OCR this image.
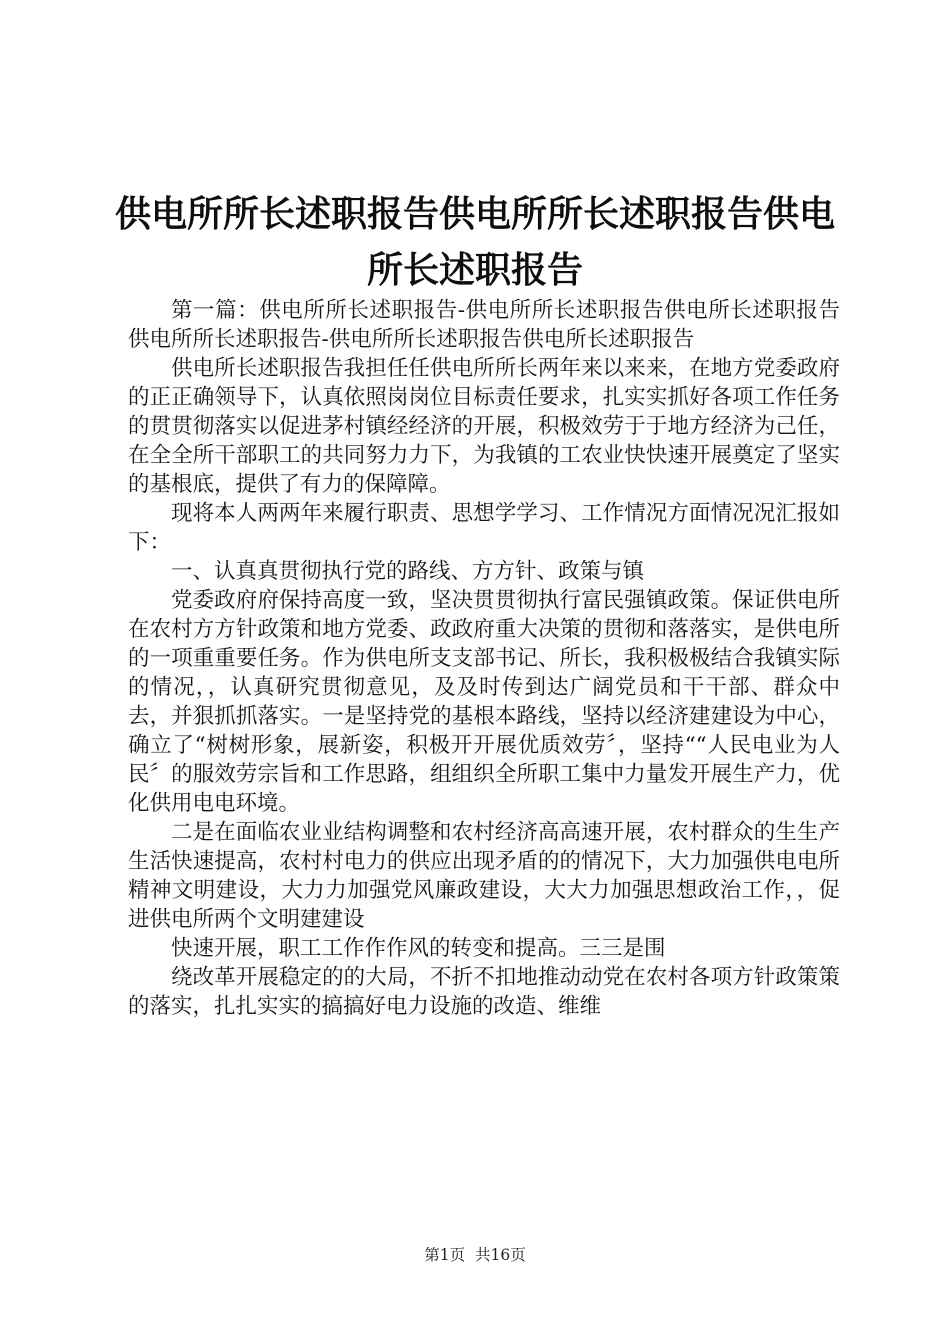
供电所所长述职报告供电所所长述职报告供电
所长述职报告

第一篇：供电所所长述职报告-供电所所长述职报告供电所长述职报告供电所所长述职报告-供电所所长述职报告供电所长述职报告

供电所长述职报告我担任任供电所所长两年来以来来，在地方党委政府的正正确领导下，认真依照岗岗位目标责任要求，扎实实抓好各项工作任务的贯贯彻落实以促进茅村镇经经济的开展，积极效劳于于地方经济为己任，在全全所干部职工的共同努力力下，为我镇的工农业快快速开展奠定了坚实的基根底，提供了有力的保障障。

现将本人两两年来履行职责、思想学学习、工作情况方面情况况汇报如下：

一、认真真贯彻执行党的路线、方方针、政策与镇

党委政府府保持高度一致，坚决贯贯彻执行富民强镇政策。保证供电所在农村方方针政策和地方党委、政政府重大决策的贯彻和落落实，是供电所的一项重重要任务。作为供电所支支部书记、所长，我积极极结合我镇实际的情况，，认真研究贯彻意见，及及时传到达广阔党员和干干部、群众中去，并狠抓抓落实。一是坚持党的基根本路线，坚持以经济建建设为中心，确立了“树树形象，展新姿，积极开开展优质效劳〞，坚持““人民电业为人民〞的服效劳宗旨和工作思路，组组织全所职工集中力量发开展生产力，优化供用电电环境。

二是在面临农业业结构调整和农村经济高高速开展，农村群众的生生产生活快速提高，农村村电力的供应出现矛盾的的情况下，大力加强供电电所精神文明建设，大力力加强党风廉政建设，大大力加强思想政治工作，，促进供电所两个文明建建设

快速开展，职工工作作作风的转变和提高。三三是围

绕改革开展稳定的的大局，不折不扣地推动动党在农村各项方针政策策的落实，扎扎实实的搞搞好电力设施的改造、维维

第1页  共16页
